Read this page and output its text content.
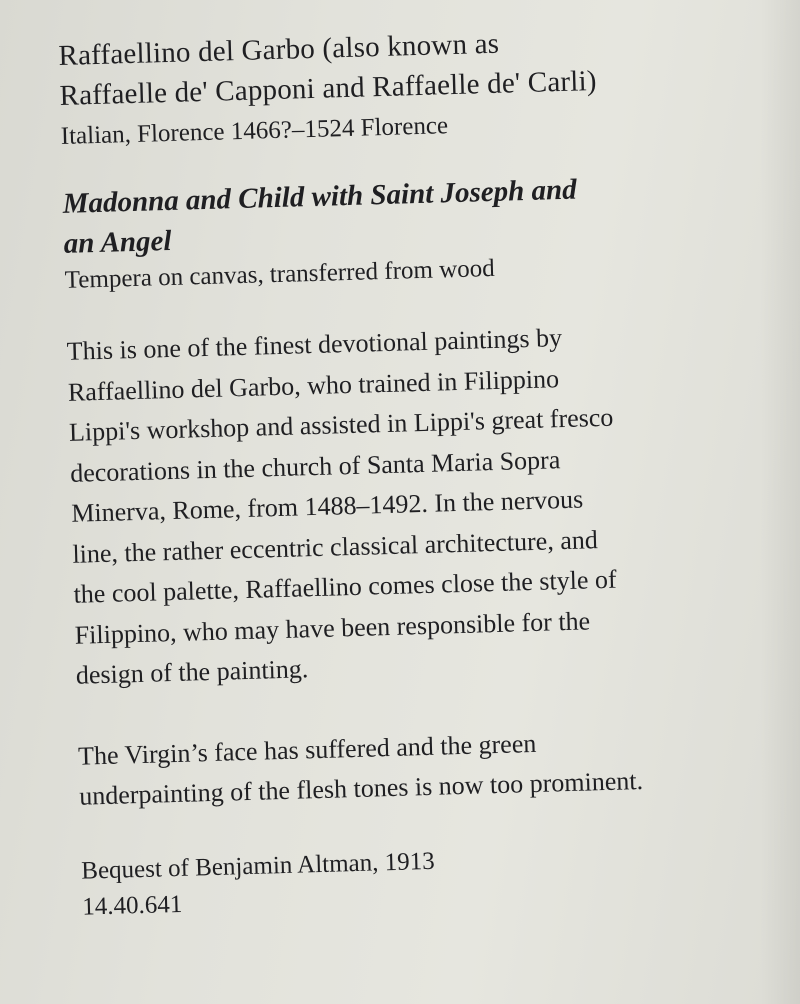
Raffaellino del Garbo (also known as
Raffaelle de' Capponi and Raffaelle de' Carli)

Italian, Florence 1466?–1524 Florence

Madonna and Child with Saint Joseph and
an Angel

Tempera on canvas, transferred from wood

This is one of the finest devotional paintings by
Raffaellino del Garbo, who trained in Filippino
Lippi's workshop and assisted in Lippi's great fresco
decorations in the church of Santa Maria Sopra
Minerva, Rome, from 1488–1492. In the nervous
line, the rather eccentric classical architecture, and
the cool palette, Raffaellino comes close the style of
Filippino, who may have been responsible for the
design of the painting.

The Virgin’s face has suffered and the green
underpainting of the flesh tones is now too prominent.

Bequest of Benjamin Altman, 1913

14.40.641
